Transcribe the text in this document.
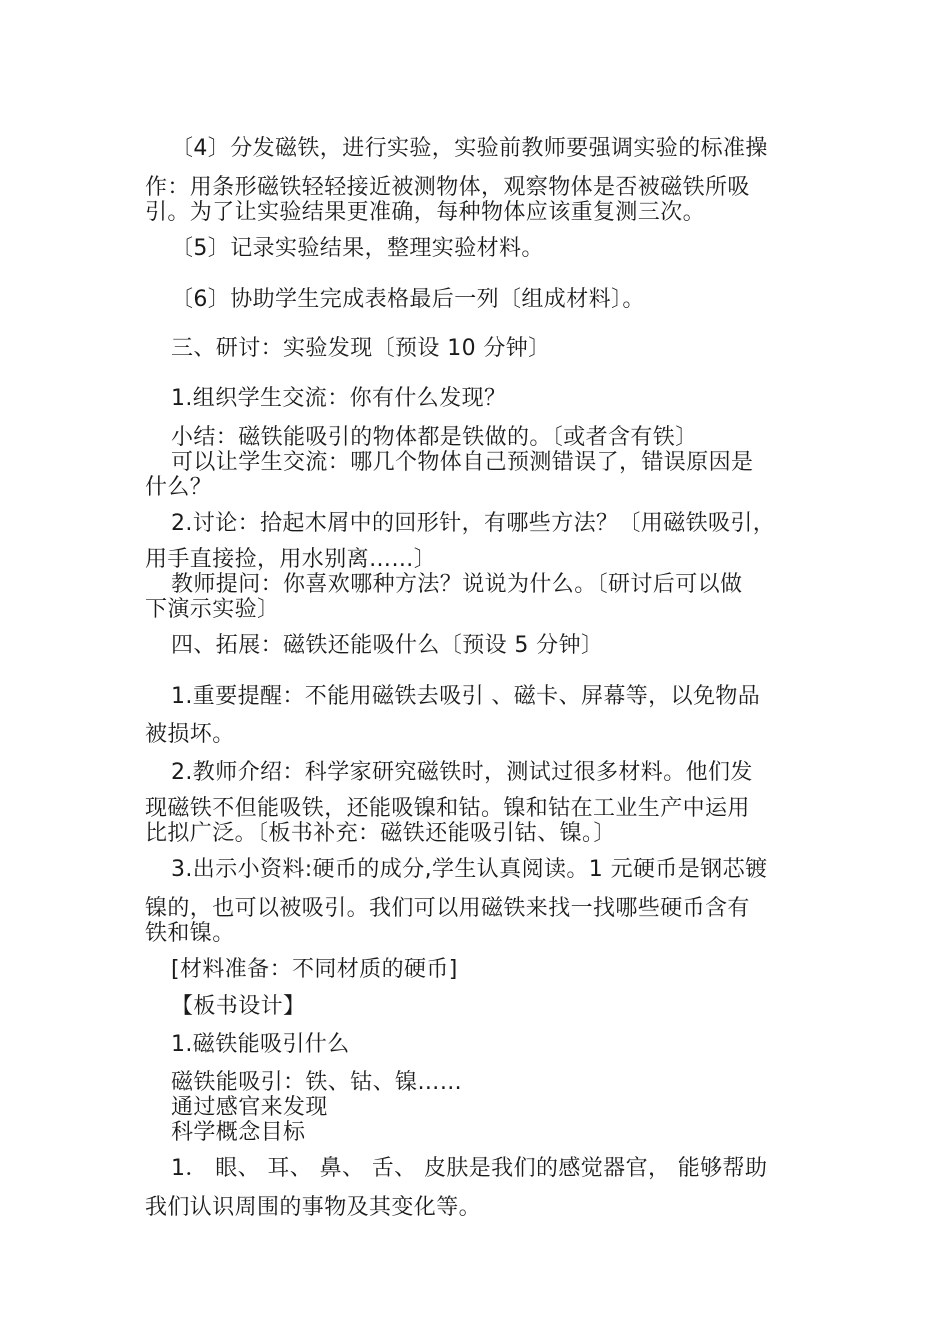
〔4〕分发磁铁，进行实验，实验前教师要强调实验的标准操
作：用条形磁铁轻轻接近被测物体，观察物体是否被磁铁所吸
引。为了让实验结果更准确，每种物体应该重复测三次。
〔5〕记录实验结果，整理实验材料。
〔6〕协助学生完成表格最后一列〔组成材料〕。
三、研讨：实验发现〔预设 10 分钟〕
1.组织学生交流：你有什么发现？
小结：磁铁能吸引的物体都是铁做的。〔或者含有铁〕
可以让学生交流：哪几个物体自己预测错误了，错误原因是
什么？
2.讨论：拾起木屑中的回形针，有哪些方法？〔用磁铁吸引，
用手直接捡，用水别离……〕
教师提问：你喜欢哪种方法？说说为什么。〔研讨后可以做
下演示实验〕
四、拓展：磁铁还能吸什么〔预设 5 分钟〕
1.重要提醒：不能用磁铁去吸引 、磁卡、屏幕等，以免物品
被损坏。
2.教师介绍：科学家研究磁铁时，测试过很多材料。他们发
现磁铁不但能吸铁，还能吸镍和钴。镍和钴在工业生产中运用
比拟广泛。〔板书补充：磁铁还能吸引钴、镍。〕
3.出示小资料:硬币的成分,学生认真阅读。1 元硬币是钢芯镀
镍的，也可以被吸引。我们可以用磁铁来找一找哪些硬币含有
铁和镍。
[材料准备：不同材质的硬币]
【板书设计】
1.磁铁能吸引什么
磁铁能吸引：铁、钴、镍……
通过感官来发现
科学概念目标
1． 眼、 耳、 鼻、 舌、 皮肤是我们的感觉器官， 能够帮助
我们认识周围的事物及其变化等。
